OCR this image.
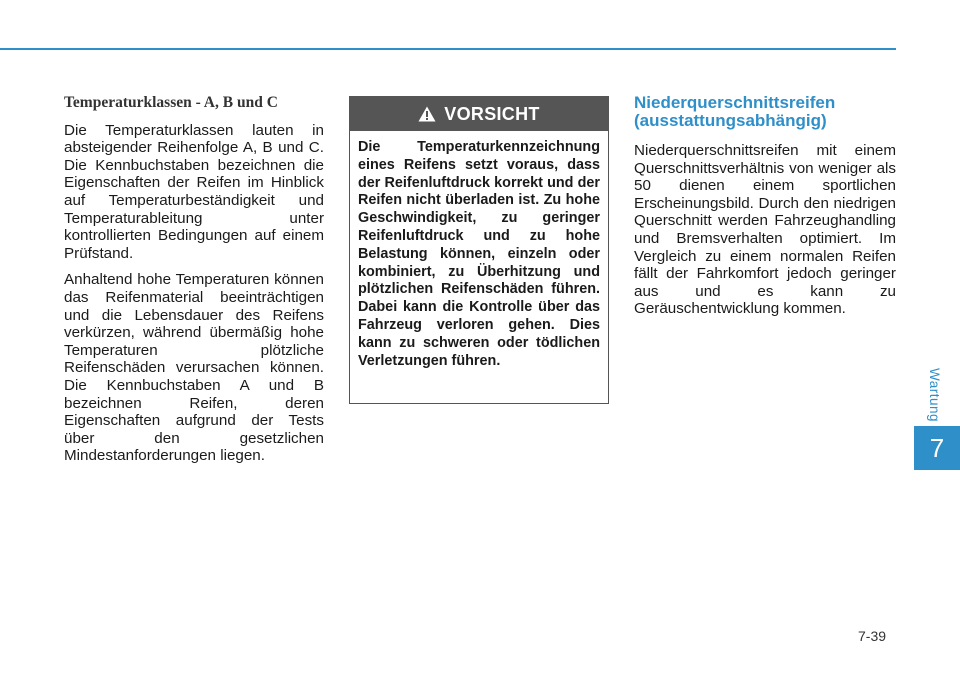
Temperaturklassen - A, B und C

Die Temperaturklassen lauten in absteigender Reihenfolge A, B und C. Die Kennbuchstaben bezeichnen die Eigenschaften der Reifen im Hinblick auf Temperaturbeständigkeit und Temperaturableitung unter kontrollierten Bedingungen auf einem Prüfstand.

Anhaltend hohe Temperaturen können das Reifenmaterial beeinträchtigen und die Lebensdauer des Reifens verkürzen, während übermäßig hohe Temperaturen plötzliche Reifenschäden verursachen können. Die Kennbuchstaben A und B bezeichnen Reifen, deren Eigenschaften aufgrund der Tests über den gesetzlichen Mindestanforderungen liegen.

VORSICHT
Die Temperaturkennzeichnung eines Reifens setzt voraus, dass der Reifenluftdruck korrekt und der Reifen nicht überladen ist. Zu hohe Geschwindigkeit, zu geringer Reifenluftdruck und zu hohe Belastung können, einzeln oder kombiniert, zu Überhitzung und plötzlichen Reifenschäden führen. Dabei kann die Kontrolle über das Fahrzeug verloren gehen. Dies kann zu schweren oder tödlichen Verletzungen führen.
Niederquerschnittsreifen (ausstattungsabhängig)

Niederquerschnittsreifen mit einem Querschnittsverhältnis von weniger als 50 dienen einem sportlichen Erscheinungsbild. Durch den niedrigen Querschnitt werden Fahrzeughandling und Bremsverhalten optimiert. Im Vergleich zu einem normalen Reifen fällt der Fahrkomfort jedoch geringer aus und es kann zu Geräuschentwicklung kommen.

Wartung
7
7-39
